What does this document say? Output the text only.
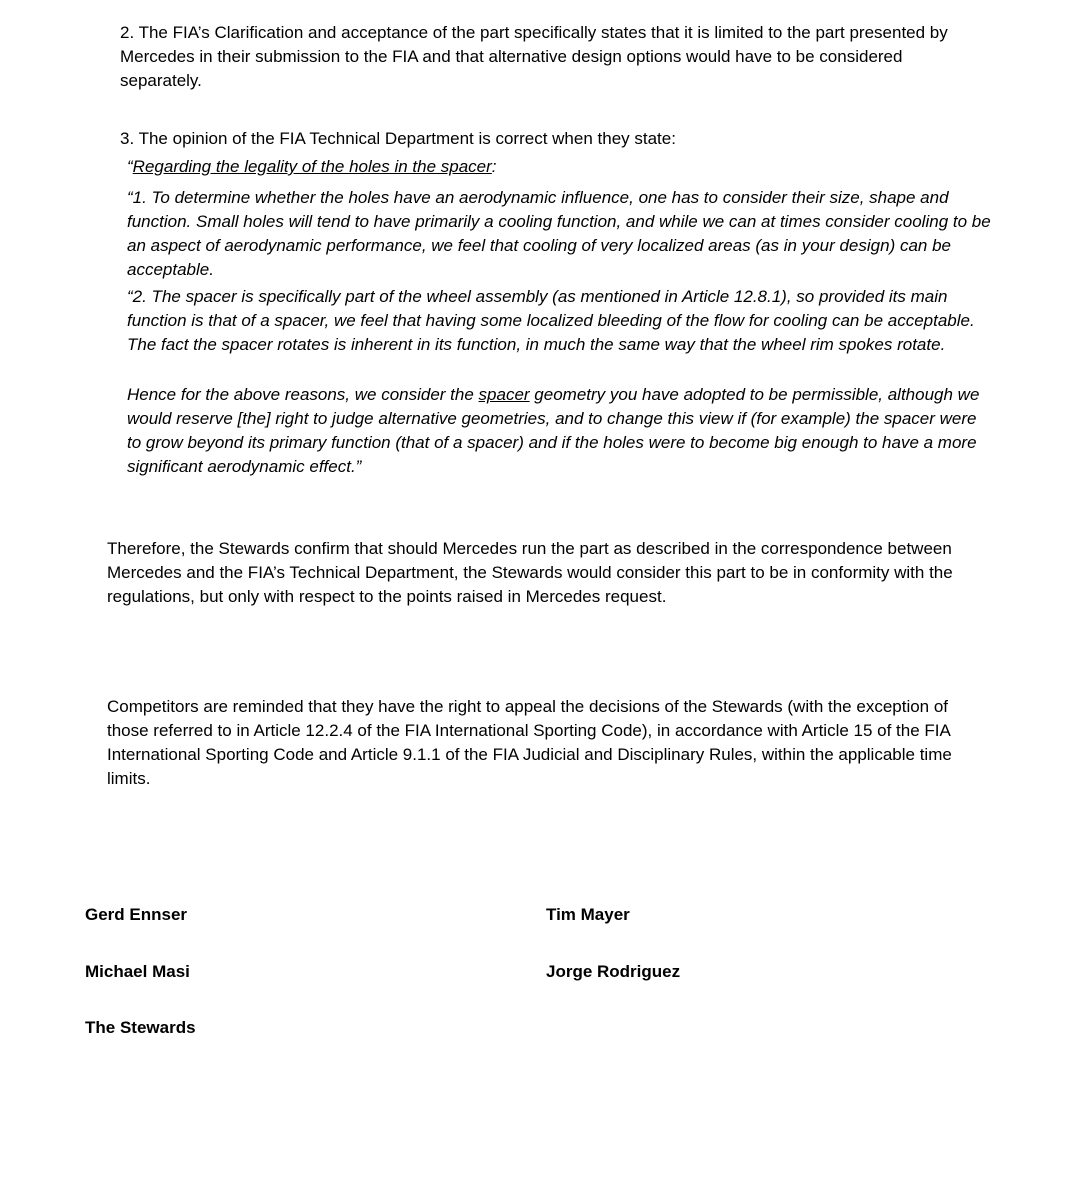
2. The FIA’s Clarification and acceptance of the part specifically states that it is limited to the part presented by Mercedes in their submission to the FIA and that alternative design options would have to be considered separately.
3. The opinion of the FIA Technical Department is correct when they state:
“Regarding the legality of the holes in the spacer:
“1. To determine whether the holes have an aerodynamic influence, one has to consider their size, shape and function. Small holes will tend to have primarily a cooling function, and while we can at times consider cooling to be an aspect of aerodynamic performance, we feel that cooling of very localized areas (as in your design) can be acceptable.
“2. The spacer is specifically part of the wheel assembly (as mentioned in Article 12.8.1), so provided its main function is that of a spacer, we feel that having some localized bleeding of the flow for cooling can be acceptable. The fact the spacer rotates is inherent in its function, in much the same way that the wheel rim spokes rotate.
Hence for the above reasons, we consider the spacer geometry you have adopted to be permissible, although we would reserve [the] right to judge alternative geometries, and to change this view if (for example) the spacer were to grow beyond its primary function (that of a spacer) and if the holes were to become big enough to have a more significant aerodynamic effect.”
Therefore, the Stewards confirm that should Mercedes run the part as described in the correspondence between Mercedes and the FIA’s Technical Department, the Stewards would consider this part to be in conformity with the regulations, but only with respect to the points raised in Mercedes request.
Competitors are reminded that they have the right to appeal the decisions of the Stewards (with the exception of those referred to in Article 12.2.4 of the FIA International Sporting Code), in accordance with Article 15 of the FIA International Sporting Code and Article 9.1.1 of the FIA Judicial and Disciplinary Rules, within the applicable time limits.
Gerd Ennser	Tim Mayer
Michael Masi	Jorge Rodriguez
The Stewards
